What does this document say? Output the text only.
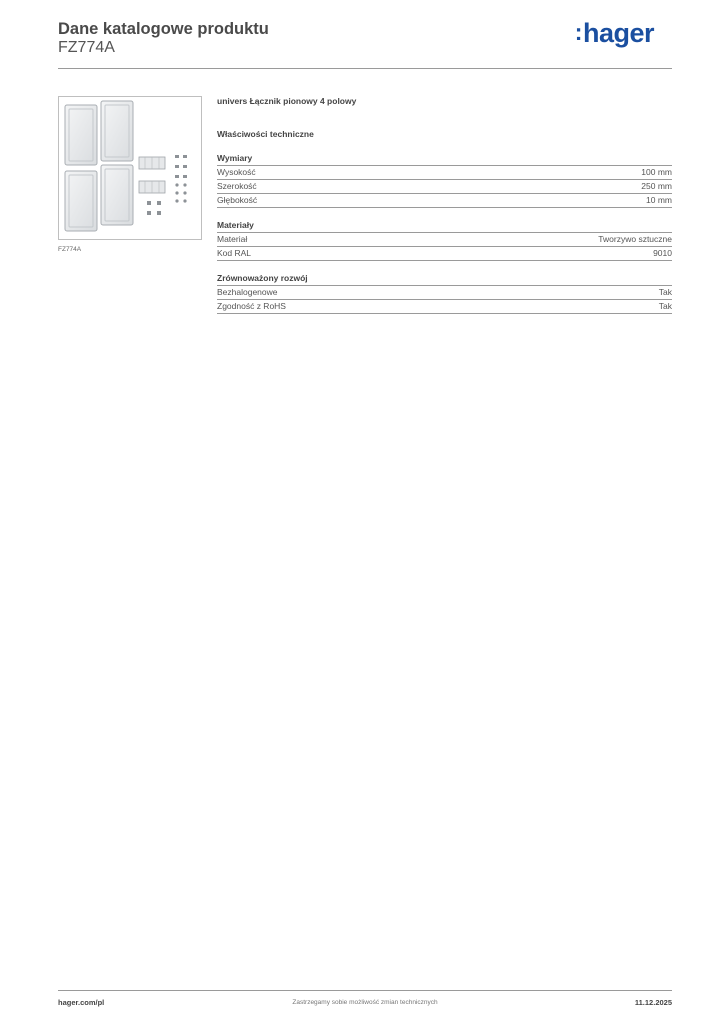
Dane katalogowe produktu
FZ774A
:hager
FZ774A
univers Łącznik pionowy 4 polowy
Właściwości techniczne
Wymiary
Wysokość	100 mm
Szerokość	250 mm
Głębokość	10 mm
Materiały
Materiał	Tworzywo sztuczne
Kod RAL	9010
Zrównoważony rozwój
Bezhalogenowe	Tak
Zgodność z RoHS	Tak
hager.com/pl	Zastrzegamy sobie możliwość zmian technicznych	11.12.2025
